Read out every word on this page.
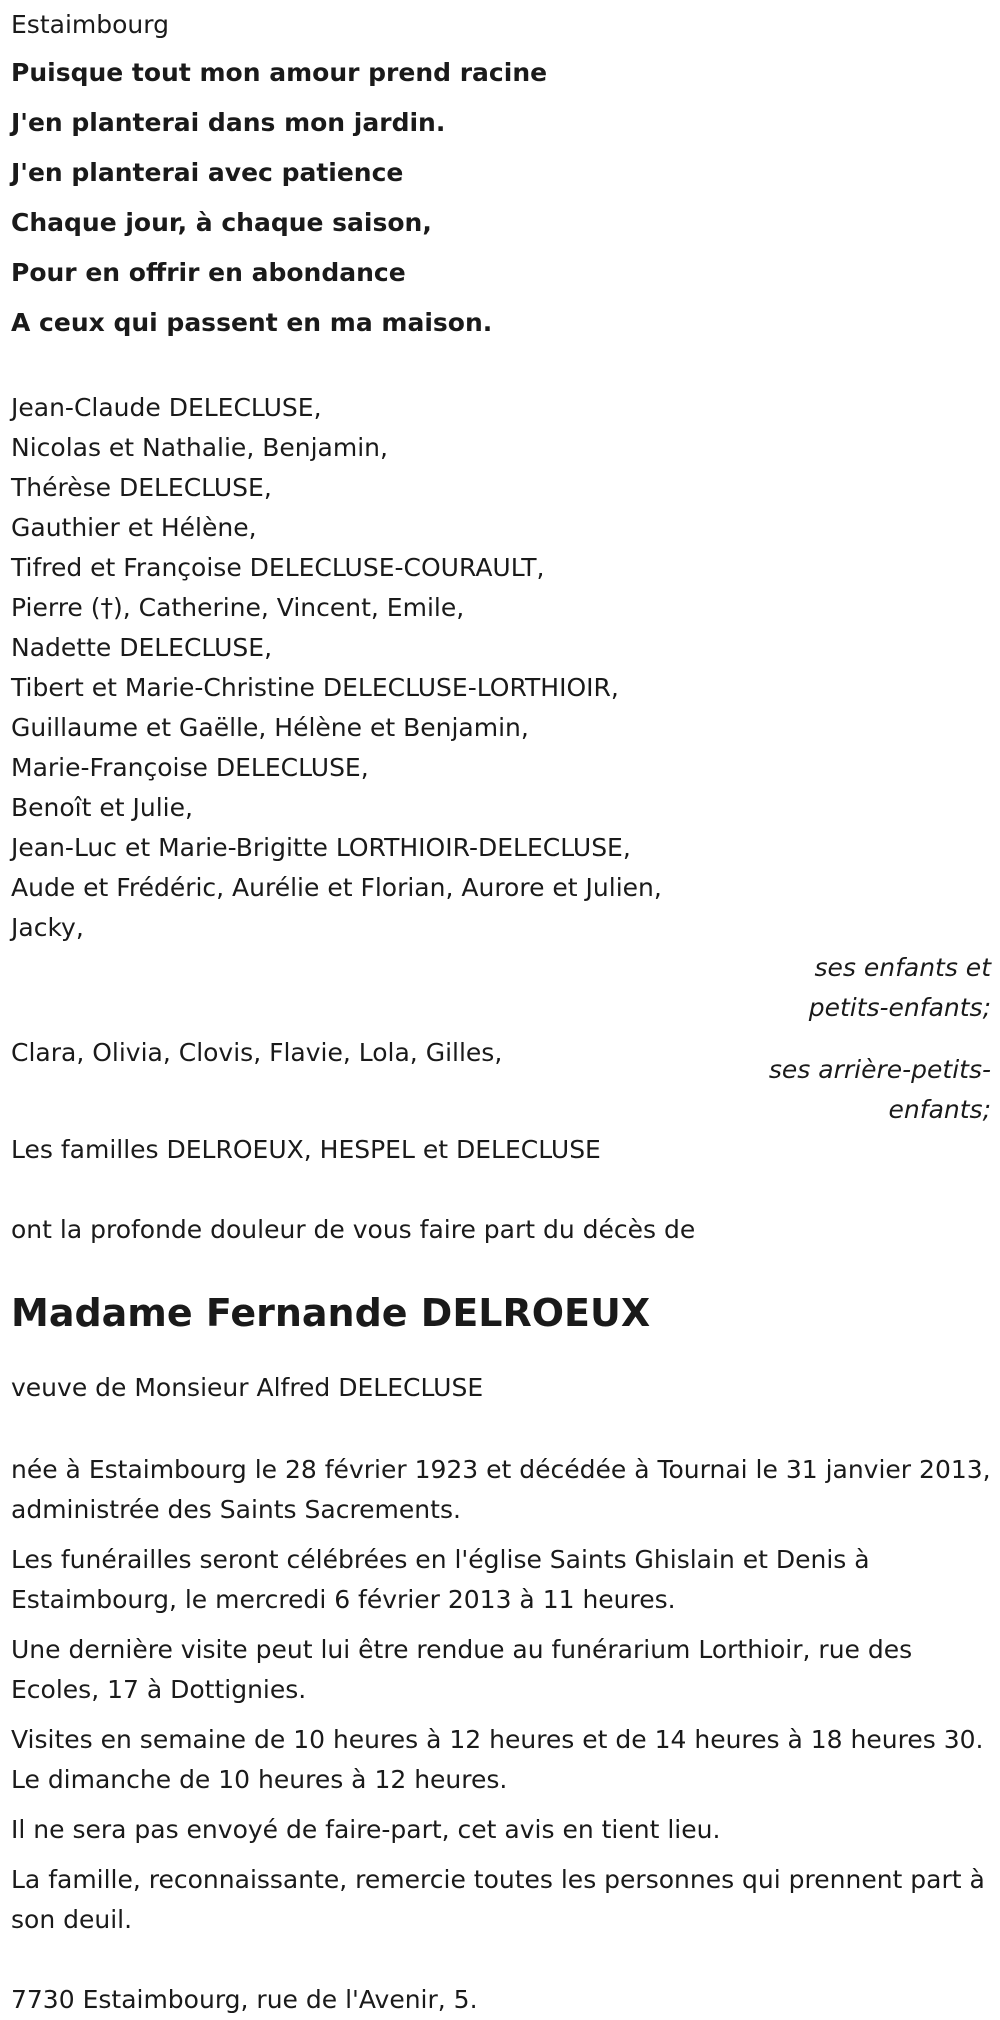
Estaimbourg
Puisque tout mon amour prend racine
J'en planterai dans mon jardin.
J'en planterai avec patience
Chaque jour, à chaque saison,
Pour en offrir en abondance
A ceux qui passent en ma maison.
Jean-Claude DELECLUSE,
Nicolas et Nathalie, Benjamin,
Thérèse DELECLUSE,
Gauthier et Hélène,
Tifred et Françoise DELECLUSE-COURAULT,
Pierre (†), Catherine, Vincent, Emile,
Nadette DELECLUSE,
Tibert et Marie-Christine DELECLUSE-LORTHIOIR,
Guillaume et Gaëlle, Hélène et Benjamin,
Marie-Françoise DELECLUSE,
Benoît et Julie,
Jean-Luc et Marie-Brigitte LORTHIOIR-DELECLUSE,
Aude et Frédéric, Aurélie et Florian, Aurore et Julien,
Jacky,
ses enfants et
petits-enfants;
Clara, Olivia, Clovis, Flavie, Lola, Gilles,
ses arrière-petits-
enfants;
Les familles DELROEUX, HESPEL et DELECLUSE
ont la profonde douleur de vous faire part du décès de
Madame Fernande DELROEUX
veuve de Monsieur Alfred DELECLUSE

née à Estaimbourg le 28 février 1923 et décédée à Tournai le 31 janvier 2013, administrée des Saints Sacrements.

Les funérailles seront célébrées en l'église Saints Ghislain et Denis à Estaimbourg, le mercredi 6 février 2013 à 11 heures.

Une dernière visite peut lui être rendue au funérarium Lorthioir, rue des Ecoles, 17 à Dottignies.

Visites en semaine de 10 heures à 12 heures et de 14 heures à 18 heures 30. Le dimanche de 10 heures à 12 heures.

Il ne sera pas envoyé de faire-part, cet avis en tient lieu.

La famille, reconnaissante, remercie toutes les personnes qui prennent part à son deuil.

7730 Estaimbourg, rue de l'Avenir, 5.
